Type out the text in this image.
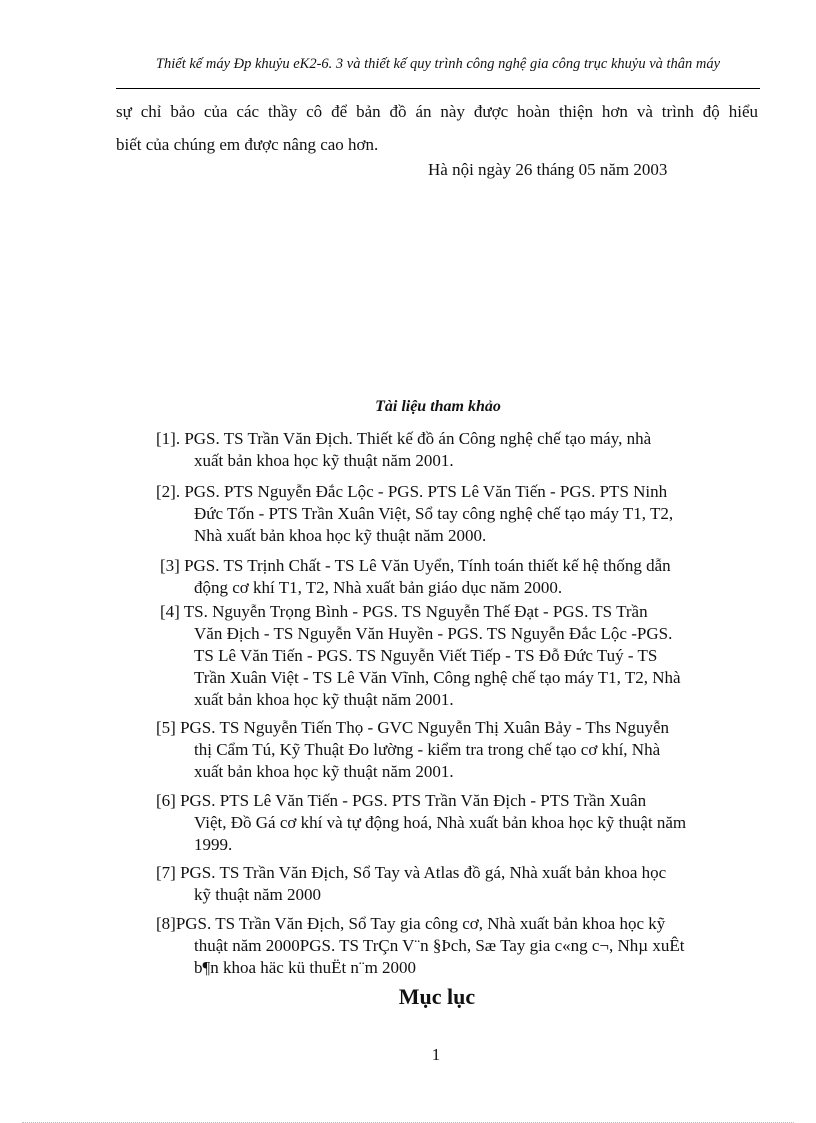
Thiết kế máy Đp khuỷu eK2-6. 3 và thiết kế quy trình công nghệ gia công trục khuỷu và thân máy
sự chỉ bảo của các thầy cô để bản đồ án này được hoàn thiện hơn và trình độ hiểu
biết của chúng em được nâng cao hơn.
Hà nội ngày 26 tháng 05 năm 2003
Tài liệu tham khảo
[1]. PGS. TS Trần Văn Địch. Thiết kế đồ án Công nghệ chế tạo máy, nhà
xuất bản khoa học kỹ thuật năm 2001.
[2]. PGS. PTS Nguyễn Đắc Lộc - PGS. PTS Lê Văn Tiến - PGS. PTS Ninh
Đức Tốn - PTS Trần Xuân Việt, Sổ tay công nghệ chế tạo máy T1, T2,
Nhà xuất bản khoa học kỹ thuật năm 2000.
[3] PGS. TS Trịnh Chất - TS Lê Văn Uyển, Tính toán thiết kế hệ thống dẫn
động cơ khí T1, T2, Nhà xuất bản giáo dục năm 2000.
[4] TS. Nguyễn Trọng Bình - PGS. TS Nguyễn Thế Đạt - PGS. TS Trần
Văn Địch - TS Nguyễn Văn Huyền - PGS. TS Nguyễn Đắc Lộc -PGS.
TS Lê Văn Tiến - PGS. TS Nguyễn Viết Tiếp - TS Đỗ Đức Tuý - TS
Trần Xuân Việt - TS Lê Văn Vĩnh, Công nghệ chế tạo máy T1, T2, Nhà
xuất bản khoa học kỹ thuật năm 2001.
[5] PGS. TS Nguyễn Tiến Thọ - GVC Nguyễn Thị Xuân Bảy - Ths Nguyễn
thị Cẩm Tú, Kỹ Thuật Đo lường - kiểm tra trong chế tạo cơ khí, Nhà
xuất bản khoa học kỹ thuật năm 2001.
[6] PGS. PTS Lê Văn Tiến - PGS. PTS Trần Văn Địch - PTS Trần Xuân
Việt, Đồ Gá cơ khí và tự động hoá, Nhà xuất bản khoa học kỹ thuật năm
1999.
[7] PGS. TS Trần Văn Địch, Sổ Tay và Atlas đồ gá, Nhà xuất bản khoa học
kỹ thuật năm 2000
[8]PGS. TS Trần Văn Địch, Sổ Tay gia công cơ, Nhà xuất bản khoa học kỹ
thuật năm 2000PGS. TS TrÇn V¨n §Þch, Sæ Tay gia c«ng c¬, Nhµ xuÊt
b¶n khoa häc kü thuËt n¨m 2000
Mục lục
1
